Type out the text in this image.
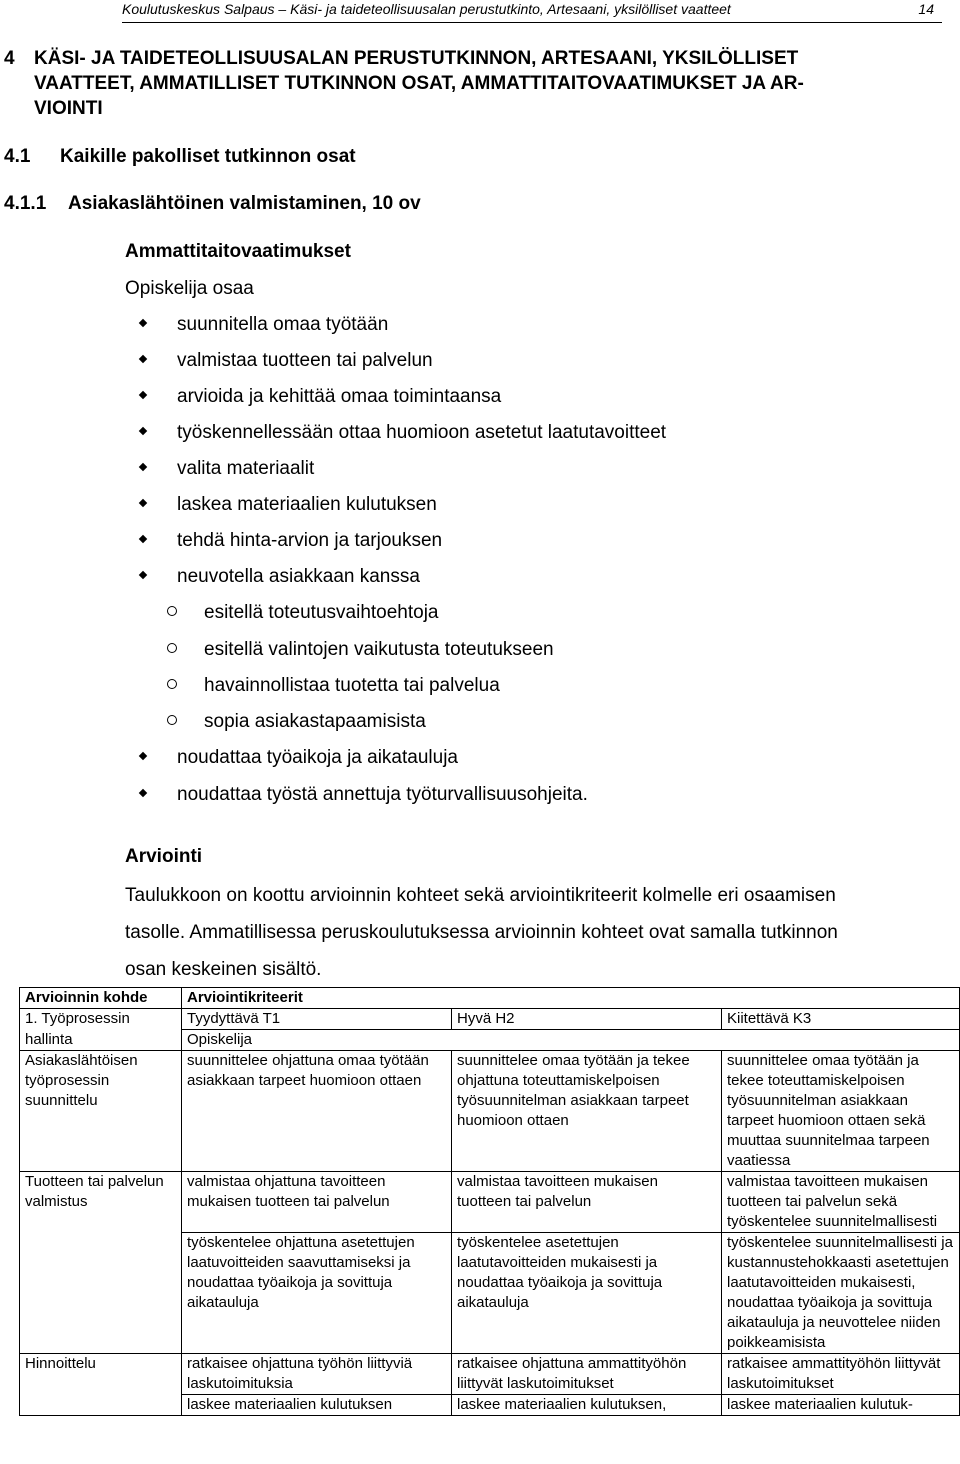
Koulutuskeskus Salpaus – Käsi- ja taideteollisuusalan perustutkinto, Artesaani, yksilölliset vaatteet	14
4 KÄSI- JA TAIDETEOLLISUUSALAN PERUSTUTKINNON, ARTESAANI, YKSILÖLLISET
VAATTEET, AMMATILLISET TUTKINNON OSAT, AMMATTITAITOVAATIMUKSET JA AR-
VIOINTI
4.1 Kaikille pakolliset tutkinnon osat
4.1.1 Asiakaslähtöinen valmistaminen, 10 ov
Ammattitaitovaatimukset
Opiskelija osaa
suunnitella omaa työtään
valmistaa tuotteen tai palvelun
arvioida ja kehittää omaa toimintaansa
työskennellessään ottaa huomioon asetetut laatutavoitteet
valita materiaalit
laskea materiaalien kulutuksen
tehdä hinta-arvion ja tarjouksen
neuvotella asiakkaan kanssa
esitellä toteutusvaihtoehtoja
esitellä valintojen vaikutusta toteutukseen
havainnollistaa tuotetta tai palvelua
sopia asiakastapaamisista
noudattaa työaikoja ja aikatauluja
noudattaa työstä annettuja työturvallisuusohjeita.
Arviointi
Taulukkoon on koottu arvioinnin kohteet sekä arviointikriteerit kolmelle eri osaamisen
tasolle. Ammatillisessa peruskoulutuksessa arvioinnin kohteet ovat samalla tutkinnon
osan keskeinen sisältö.
Arvioinnin kohde	Arviointikriteerit		
1. Työprosessin	Tyydyttävä T1	Hyvä H2	Kiitettävä K3
hallinta	Opiskelija		
Asiakaslähtöisen työprosessin suunnittelu	suunnittelee ohjattuna omaa työtään asiakkaan tarpeet huomioon ottaen	suunnittelee omaa työtään ja tekee ohjattuna toteuttamiskelpoisen työsuunnitelman asiakkaan tarpeet huomioon ottaen	suunnittelee omaa työtään ja tekee toteuttamiskelpoisen työsuunnitelman asiakkaan tarpeet huomioon ottaen sekä muuttaa suunnitelmaa tarpeen vaatiessa
Tuotteen tai palvelun valmistus	valmistaa ohjattuna tavoitteen mukaisen tuotteen tai palvelun	valmistaa tavoitteen mukaisen tuotteen tai palvelun	valmistaa tavoitteen mukaisen tuotteen tai palvelun sekä työskentelee suunnitelmallisesti
	työskentelee ohjattuna asetettujen laatuvoitteiden saavuttamiseksi ja noudattaa työaikoja ja sovittuja aikatauluja	työskentelee asetettujen laatutavoitteiden mukaisesti ja noudattaa työaikoja ja sovittuja aikatauluja	työskentelee suunnitelmallisesti ja kustannustehokkaasti asetettujen laatutavoitteiden mukaisesti, noudattaa työaikoja ja sovittuja aikatauluja ja neuvottelee niiden poikkeamisista
Hinnoittelu	ratkaisee ohjattuna työhön liittyviä laskutoimituksia	ratkaisee ohjattuna ammattityöhön liittyvät laskutoimitukset	ratkaisee ammattityöhön liittyvät laskutoimitukset
	laskee materiaalien kulutuksen	laskee materiaalien kulutuksen,	laskee materiaalien kulutuk-
